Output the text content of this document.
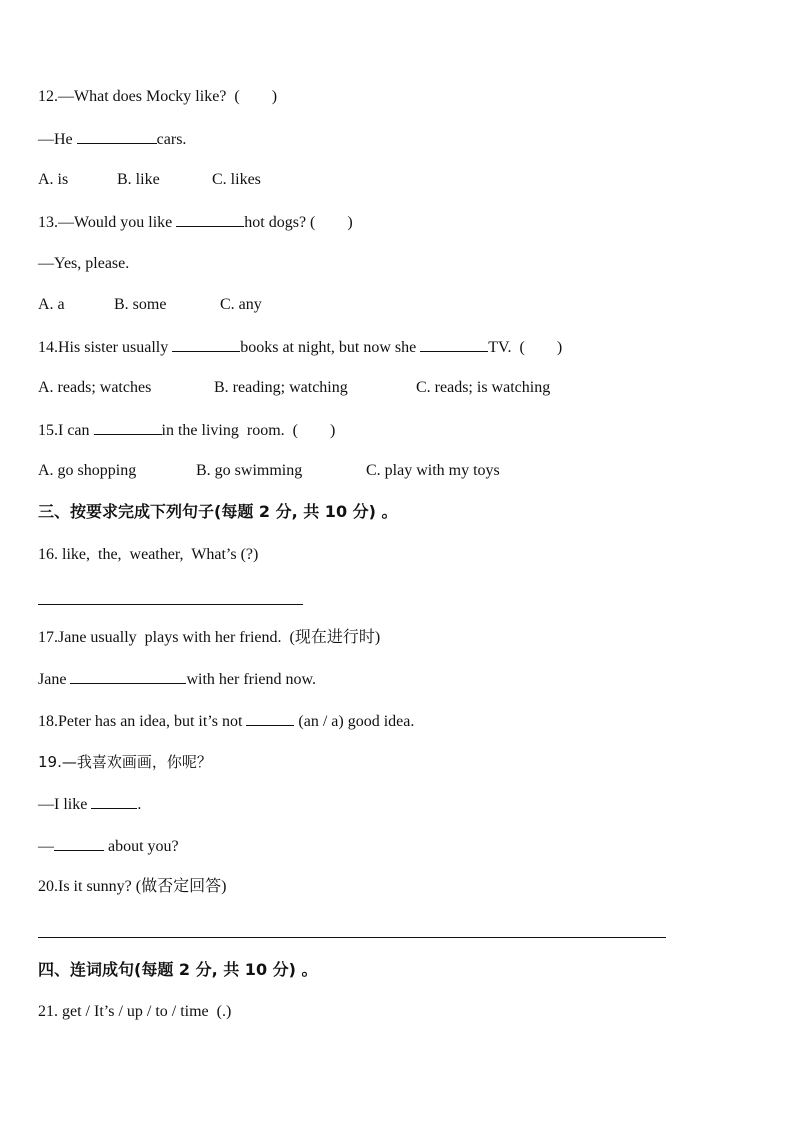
12.—What does Mocky like?  (        )
—He	cars.

A. is

	B. like

	C. likes

13.—Would you like	hot dogs? (        )
—Yes, please.

A. a

	B. some

	C. any

14.His sister usually	books at night, but now she	TV.  (        )

A. reads; watches

	B. reading; watching

	C. reads; is watching

15.I can	in the living  room.  (        )

A. go shopping

	B. go swimming

	C. play with my toys

三、按要求完成下列句子(每题 2 分, 共 10 分) 。
16. like,  the,  weather,  What’s (?)
17.Jane usually  plays with her friend.  (现在进行时)
Jane	with her friend now.
18.Peter has an idea, but it’s not	(an / a) good idea.
19.—我喜欢画画，你呢？
—I like	.
—	about you?
20.Is it sunny? (做否定回答)
四、连词成句(每题 2 分, 共 10 分) 。
21. get / It’s / up / to / time  (.)
